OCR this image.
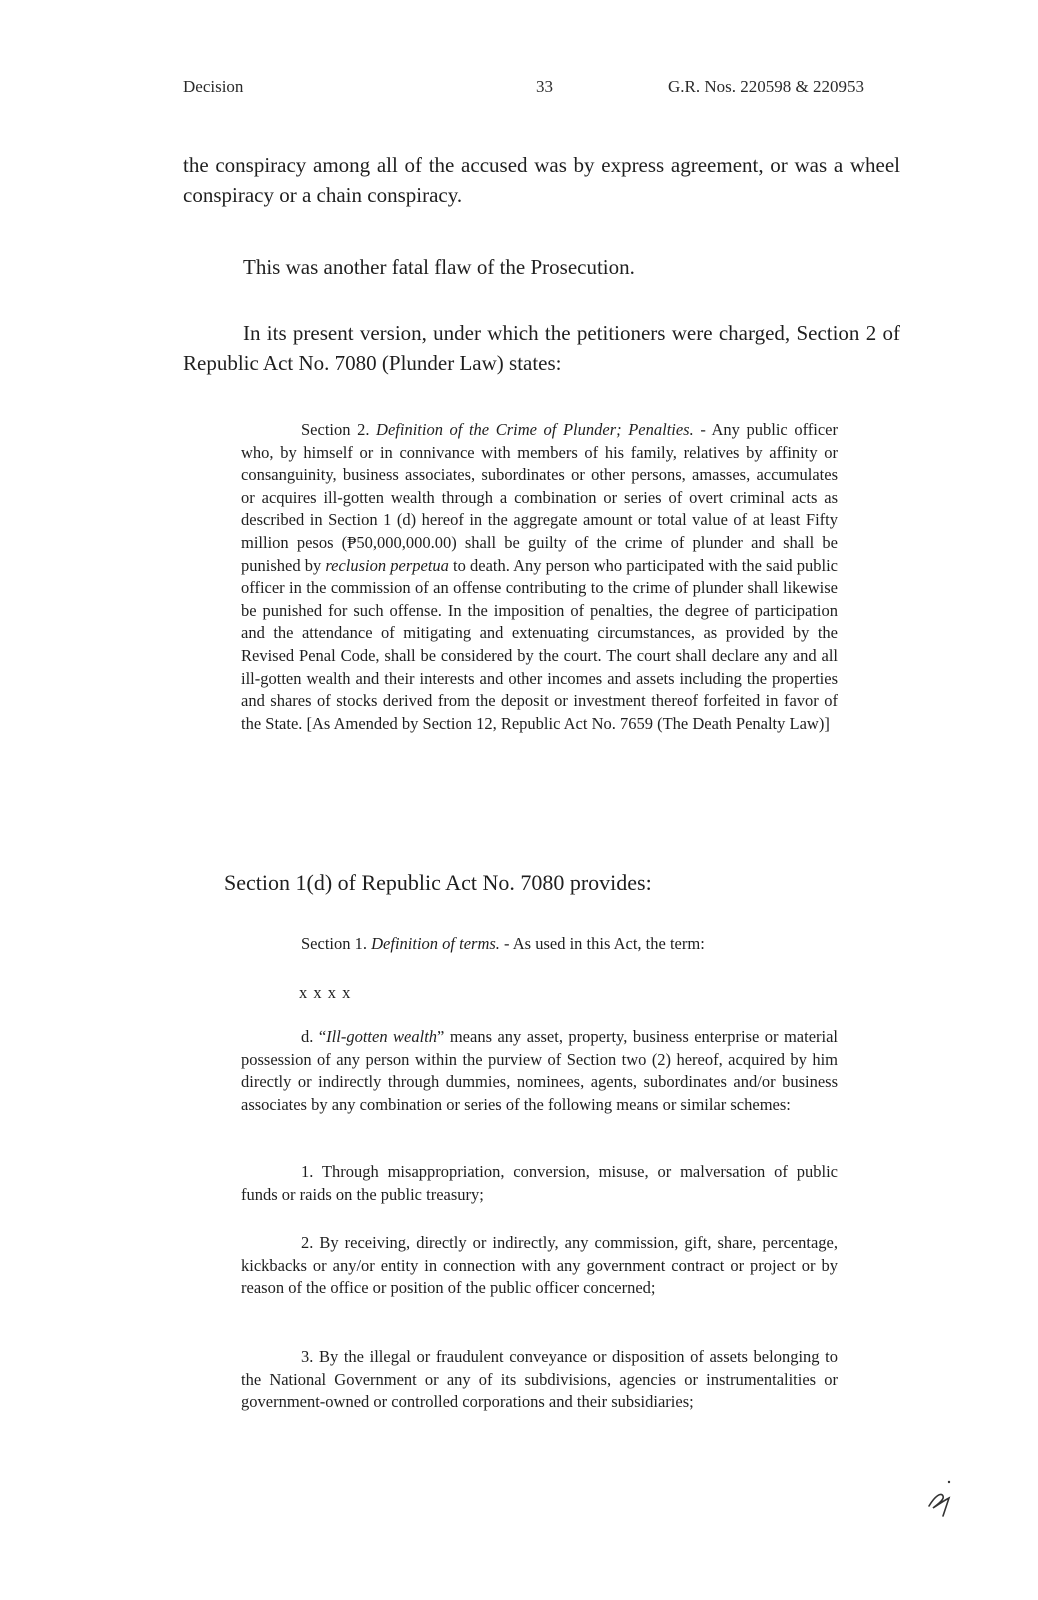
Decision	33	G.R. Nos. 220598 & 220953

the conspiracy among all of the accused was by express agreement, or was a wheel conspiracy or a chain conspiracy.

This was another fatal flaw of the Prosecution.

In its present version, under which the petitioners were charged, Section 2 of Republic Act No. 7080 (Plunder Law) states:

Section 2. Definition of the Crime of Plunder; Penalties. - Any public officer who, by himself or in connivance with members of his family, relatives by affinity or consanguinity, business associates, subordinates or other persons, amasses, accumulates or acquires ill-gotten wealth through a combination or series of overt criminal acts as described in Section 1 (d) hereof in the aggregate amount or total value of at least Fifty million pesos (₱50,000,000.00) shall be guilty of the crime of plunder and shall be punished by reclusion perpetua to death. Any person who participated with the said public officer in the commission of an offense contributing to the crime of plunder shall likewise be punished for such offense. In the imposition of penalties, the degree of participation and the attendance of mitigating and extenuating circumstances, as provided by the Revised Penal Code, shall be considered by the court. The court shall declare any and all ill-gotten wealth and their interests and other incomes and assets including the properties and shares of stocks derived from the deposit or investment thereof forfeited in favor of the State. [As Amended by Section 12, Republic Act No. 7659 (The Death Penalty Law)]

Section 1(d) of Republic Act No. 7080 provides:

Section 1. Definition of terms. - As used in this Act, the term:
x x x x
d. “Ill-gotten wealth” means any asset, property, business enterprise or material possession of any person within the purview of Section two (2) hereof, acquired by him directly or indirectly through dummies, nominees, agents, subordinates and/or business associates by any combination or series of the following means or similar schemes:
1. Through misappropriation, conversion, misuse, or malversation of public funds or raids on the public treasury;
2. By receiving, directly or indirectly, any commission, gift, share, percentage, kickbacks or any/or entity in connection with any government contract or project or by reason of the office or position of the public officer concerned;
3. By the illegal or fraudulent conveyance or disposition of assets belonging to the National Government or any of its subdivisions, agencies or instrumentalities or government-owned or controlled corporations and their subsidiaries;
